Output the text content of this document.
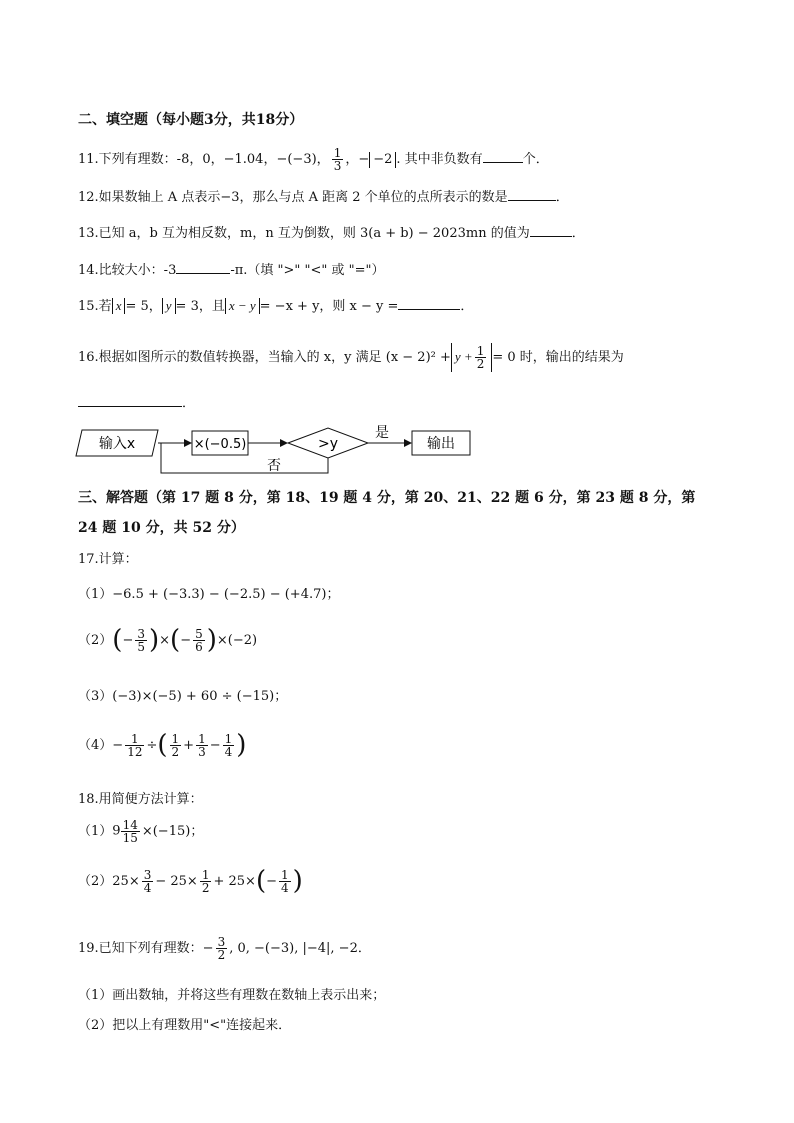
二、填空题（每小题3分，共18分）
11.下列有理数：-8，0，−1.04，−(−3)， $\frac{1}{3}$ ，− −2 . 其中非负数有	个．
12.如果数轴上 A 点表示−3，那么与点 A 距离 2 个单位的点所表示的数是	．
13.已知 a，b 互为相反数，m，n 互为倒数，则 3(a + b) − 2023mn 的值为	．
14.比较大小：-3	-π.（填 ">" "<" 或 "="）
15.若 x = 5， y = 3，且 x − y = −x + y，则 x − y =	．
16.根据如图所示的数值转换器，当输入的 x，y 满足 $(x - 2)^2 + y + \frac{1}{2} = 0$ 时，输出的结果为
．
输入x	×(−0.5)	>y
是
输出
否
三、解答题（第 17 题 8 分，第 18、19 题 4 分，第 20、21、22 题 6 分，第 23 题 8 分，第
24 题 10 分，共 52 分）
17.计算：
（1）−6.5 + (−3.3) − (−2.5) − (+4.7)；
$(2)(- \frac{3}{5}$ )×(− $\frac{5}{6} )\times(-2)$
（3）(−3)×(−5) + 60 ÷ (−15)；
$(4)- \frac{1}{12}$ ÷( $\frac{1}{2} + \frac{1}{3} - \frac{1}{4}$ )
18.用简便方法计算：
$(1)9 \frac{14}{15} \times(-15)$；
$(2)25\times \frac{3}{4} - 25\times \frac{1}{2} + 25\times(- \frac{1}{4}$ )
19.已知下列有理数：− $\frac{3}{2}$ , 0, −(−3), |−4|, −2．
（1）画出数轴，并将这些有理数在数轴上表示出来；
（2）把以上有理数用"<"连接起来．
